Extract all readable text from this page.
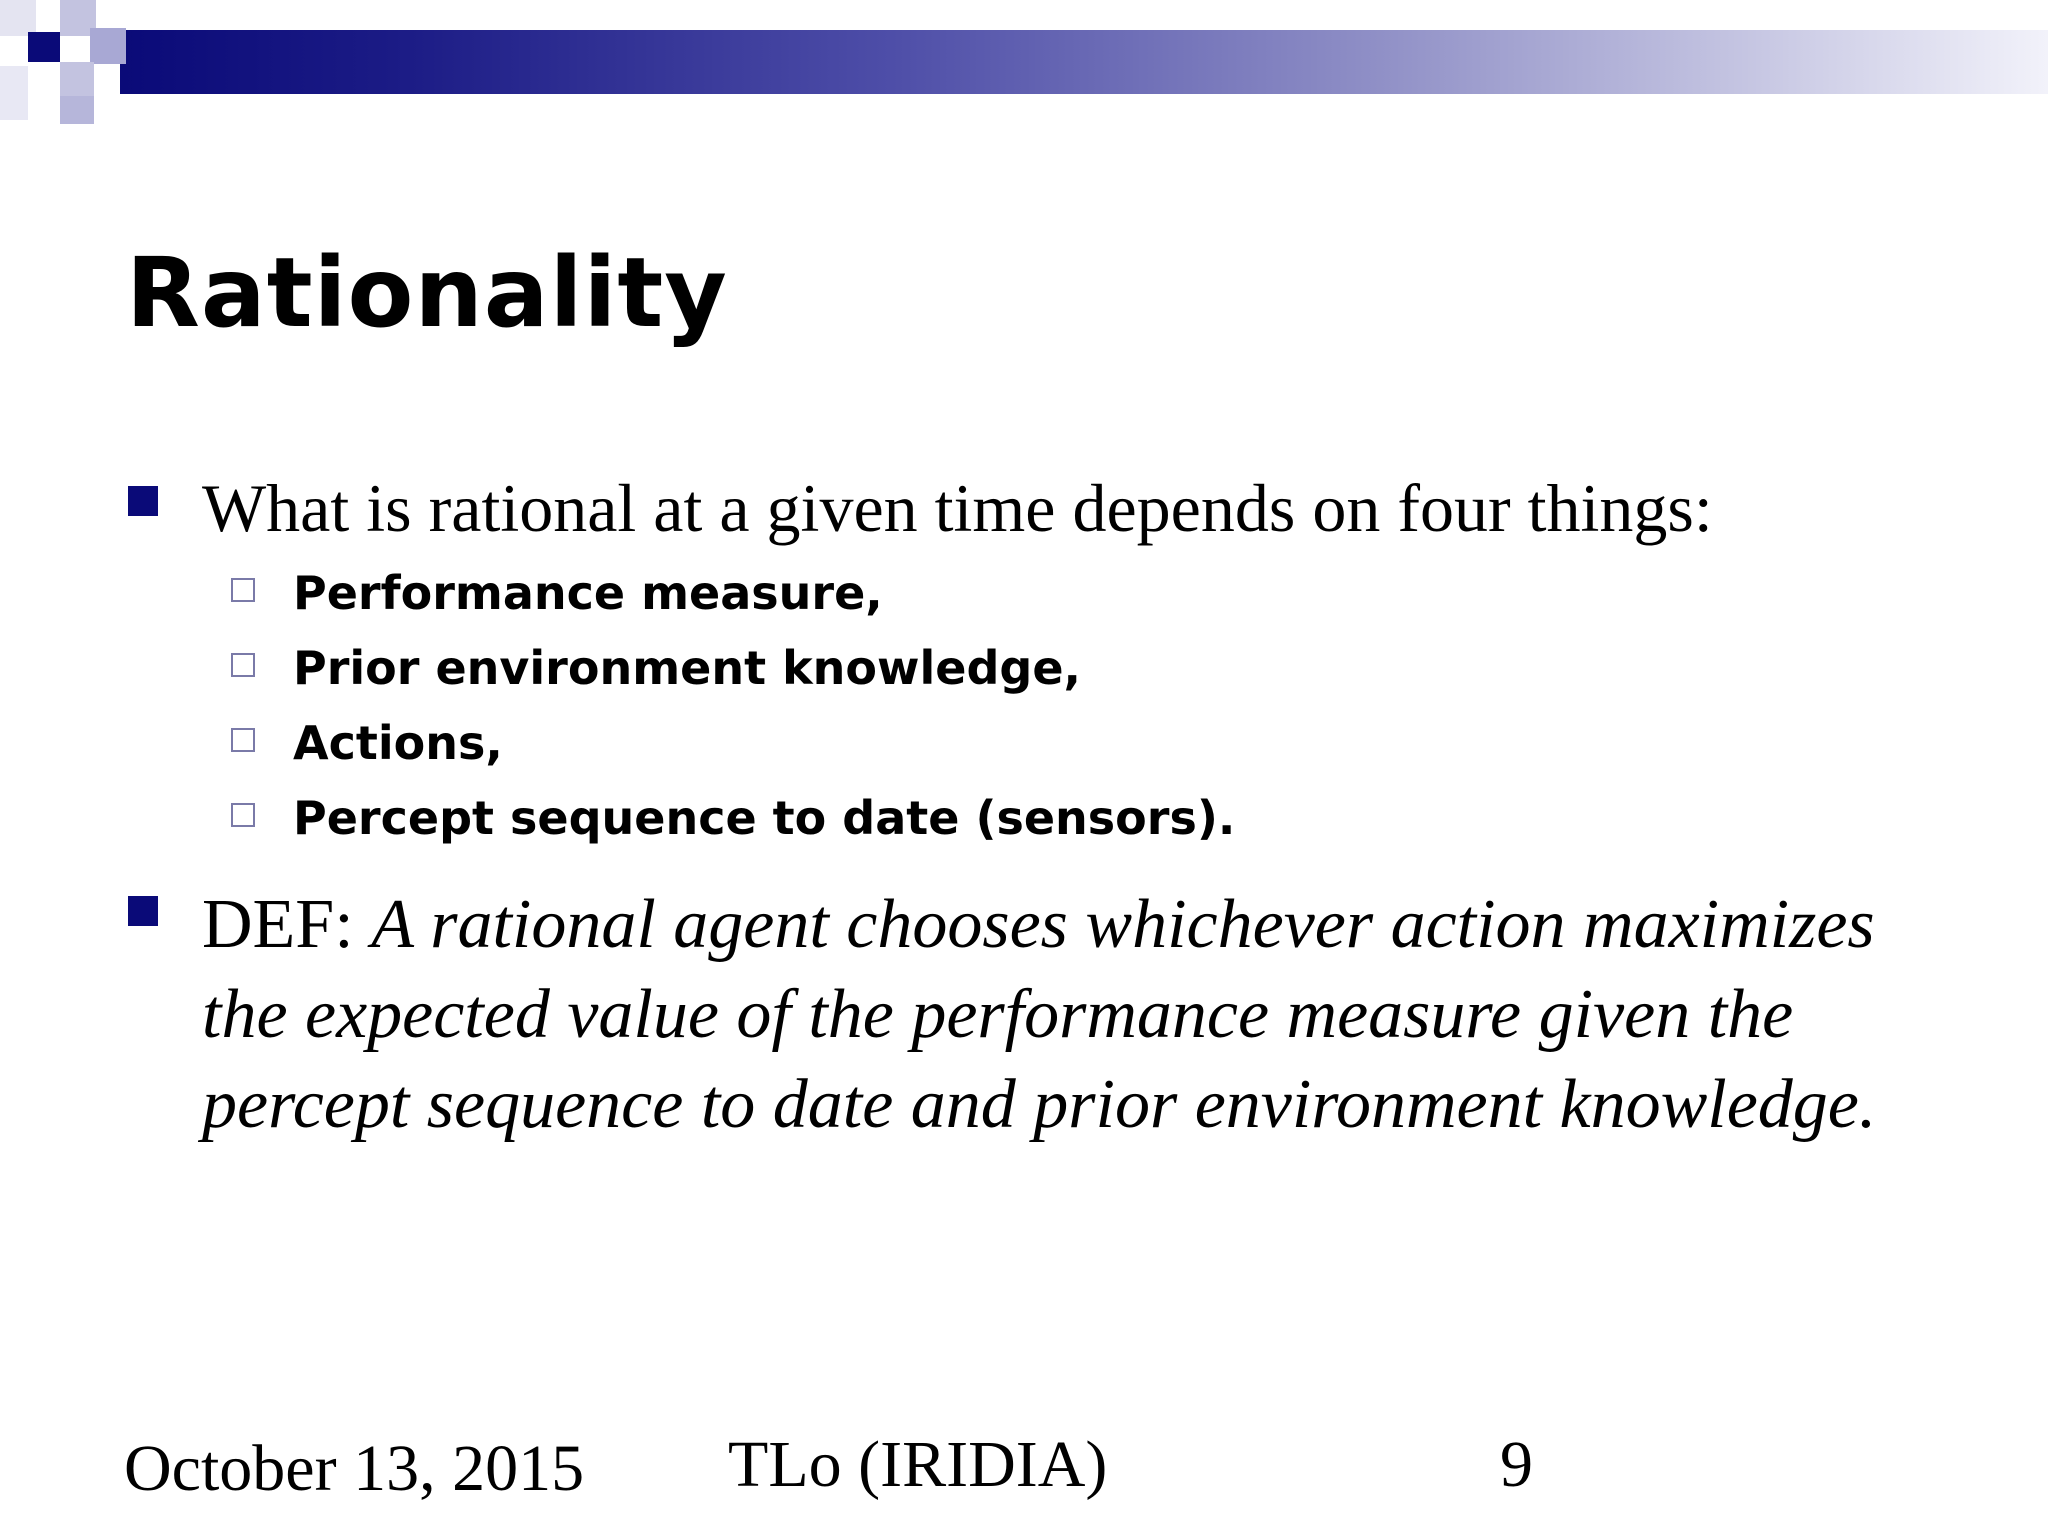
Rationality
What is rational at a given time depends on four things:
Performance measure,
Prior environment knowledge,
Actions,
Percept sequence to date (sensors).
DEF: A rational agent chooses whichever action maximizes the expected value of the performance measure given the percept sequence to date and prior environment knowledge.
October 13, 2015 TLo (IRIDIA)	9
